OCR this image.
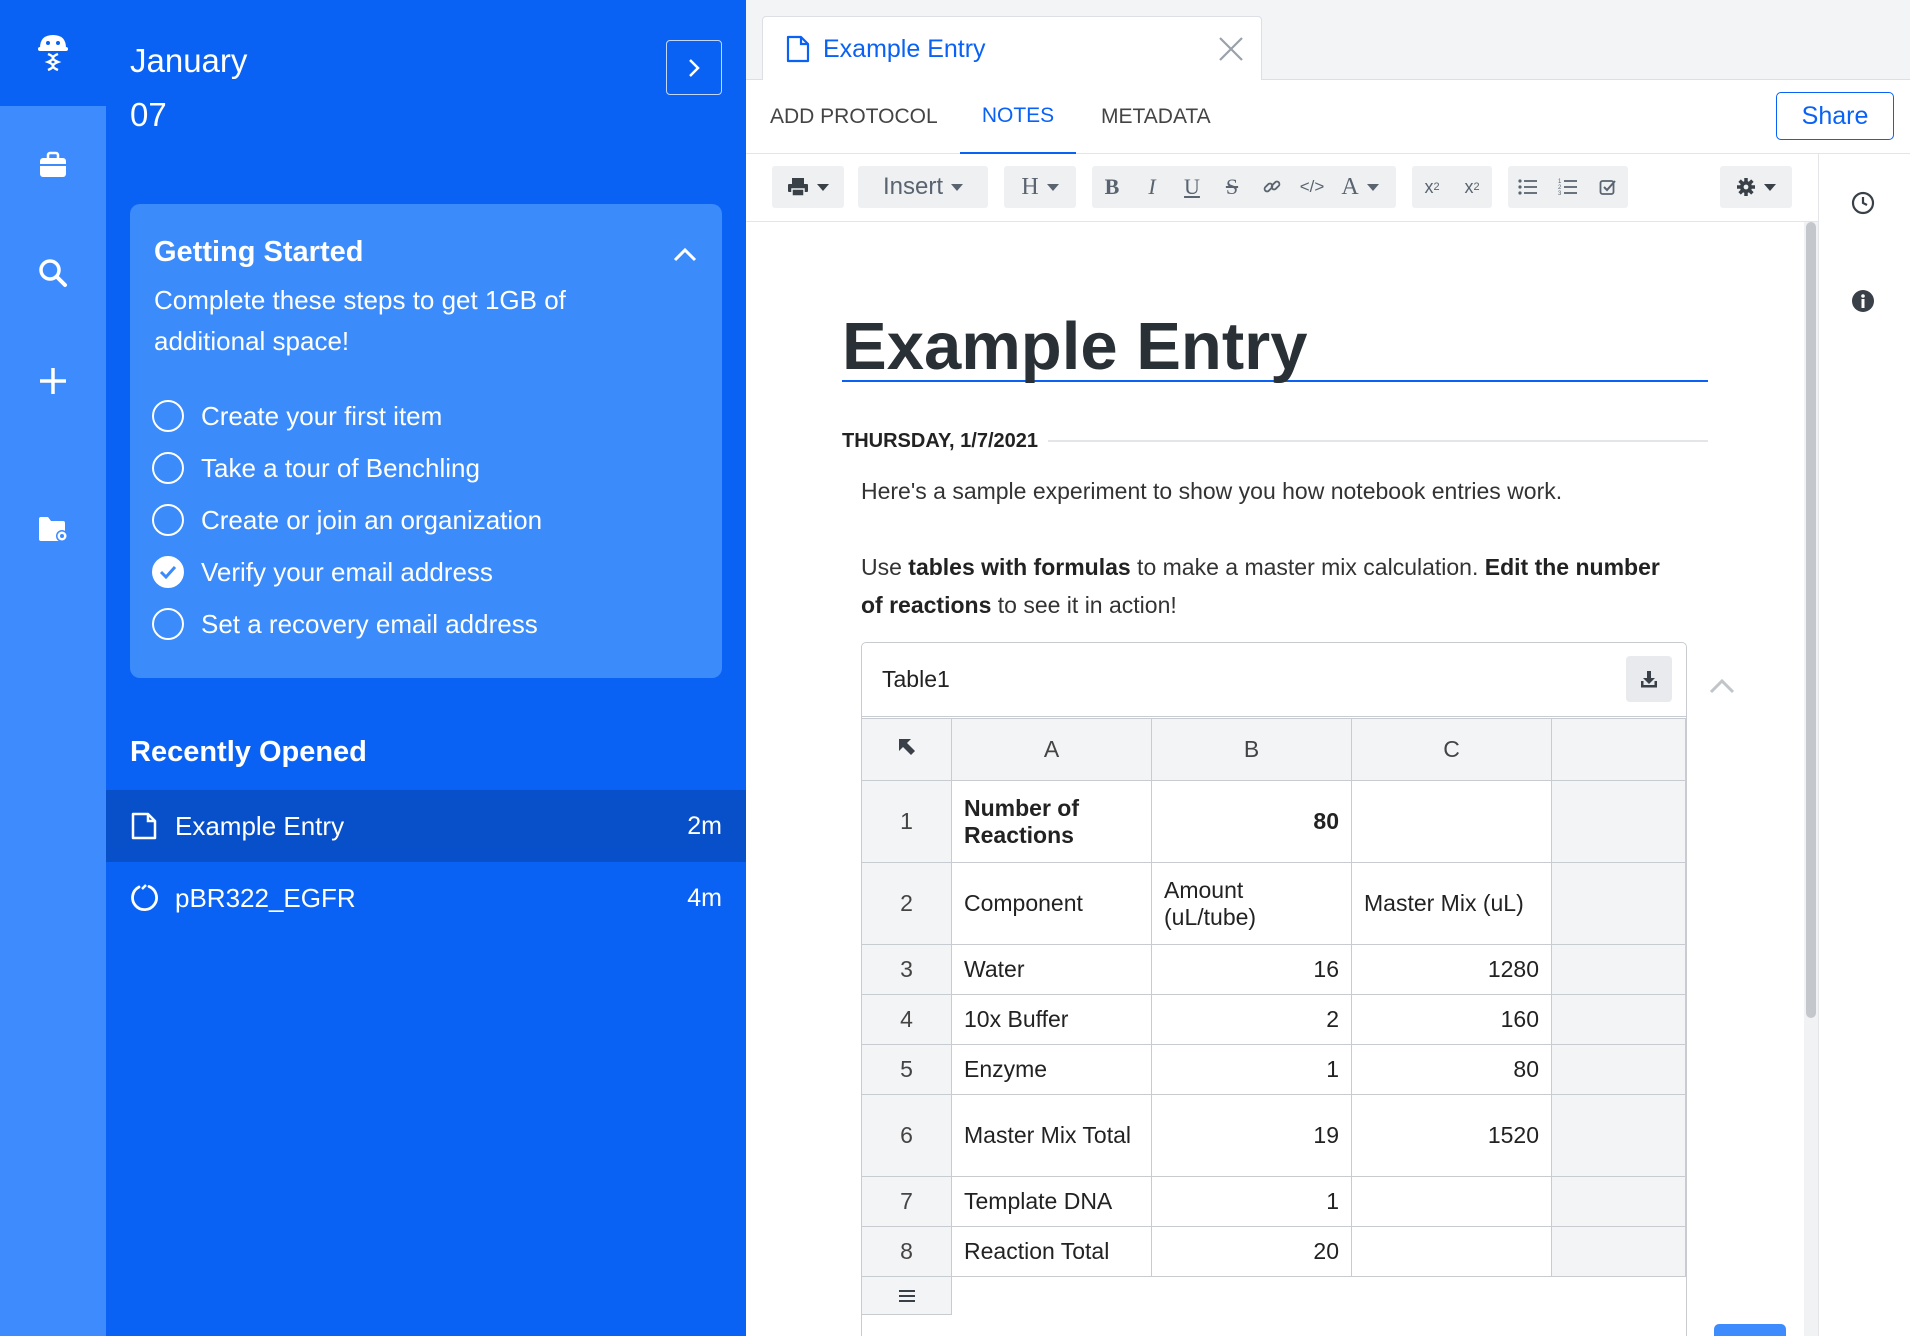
January
07
Getting Started
Complete these steps to get 1GB of additional space!
Create your first item
Take a tour of Benchling
Create or join an organization
Verify your email address
Set a recovery email address
Recently Opened
Example Entry	2m
pBR322_EGFR	4m
Example Entry
ADD PROTOCOL	NOTES	METADATA	Share
Insert	H	B	I	U	S	</> A	x 2	x 2	1
2
3
Example Entry
THURSDAY, 1/7/2021
Here's a sample experiment to show you how notebook entries work.
Use tables with formulas to make a master mix calculation. Edit the number of reactions to see it in action!
Table1
	A	B	C	
1	Number of Reactions	80		
2	Component	Amount (uL/tube)	Master Mix (uL)	
3	Water	16	1280	
4	10x Buffer	2	160	
5	Enzyme	1	80	
6	Master Mix Total	19	1520	
7	Template DNA	1		
8	Reaction Total	20		
